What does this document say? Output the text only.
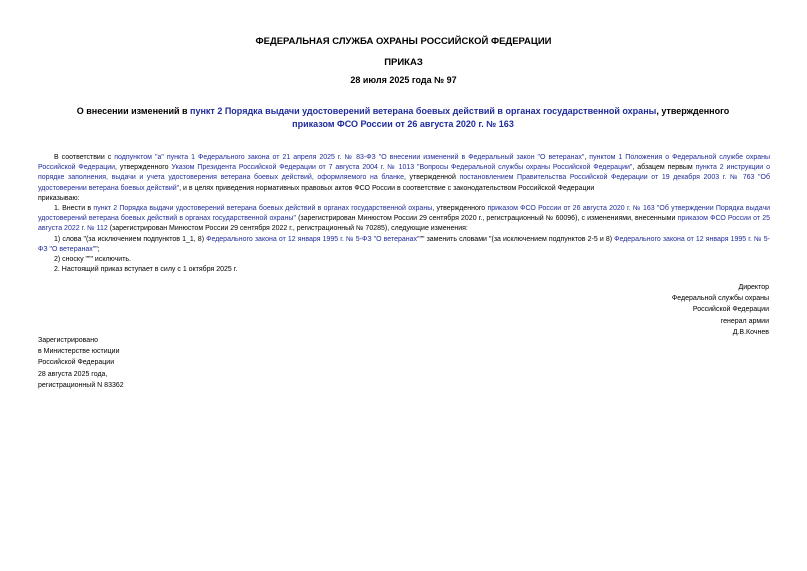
ФЕДЕРАЛЬНАЯ СЛУЖБА ОХРАНЫ РОССИЙСКОЙ ФЕДЕРАЦИИ
ПРИКАЗ
28 июля 2025 года № 97
О внесении изменений в пункт 2 Порядка выдачи удостоверений ветерана боевых действий в органах государственной охраны, утвержденного приказом ФСО России от 26 августа 2020 г. № 163

В соответствии с подпунктом "а" пункта 1 Федерального закона от 21 апреля 2025 г. № 83-ФЗ "О внесении изменений в Федеральный закон "О ветеранах", пунктом 1 Положения о Федеральной службе охраны Российской Федерации, утвержденного Указом Президента Российской Федерации от 7 августа 2004 г. № 1013 "Вопросы Федеральной службы охраны Российской Федерации", абзацем первым пункта 2 инструкции о порядке заполнения, выдачи и учета удостоверения ветерана боевых действий, оформляемого на бланке, утвержденной постановлением Правительства Российской Федерации от 19 декабря 2003 г. № 763 "Об удостоверении ветерана боевых действий", и в целях приведения нормативных правовых актов ФСО России в соответствие с законодательством Российской Федерации

приказываю:

1. Внести в пункт 2 Порядка выдачи удостоверений ветерана боевых действий в органах государственной охраны, утвержденного приказом ФСО России от 26 августа 2020 г. № 163 "Об утверждении Порядка выдачи удостоверений ветерана боевых действий в органах государственной охраны" (зарегистрирован Минюстом России 29 сентября 2020 г., регистрационный № 60096), с изменениями, внесенными приказом ФСО России от 25 августа 2022 г. № 112 (зарегистрирован Минюстом России 29 сентября 2022 г., регистрационный № 70285), следующие изменения:

1) слова "(за исключением подпунктов 1_1, 8) Федерального закона от 12 января 1995 г. № 5-ФЗ "О ветеранах""" заменить словами "(за исключением подпунктов 2-5 и 8) Федерального закона от 12 января 1995 г. № 5-ФЗ "О ветеранах"";

2) сноску """ исключить.

2. Настоящий приказ вступает в силу с 1 октября 2025 г.

Директор
Федеральной службы охраны
Российской Федерации
генерал армии
Д.В.Кочнев
Зарегистрировано
в Министерстве юстиции
Российской Федерации
28 августа 2025 года,
регистрационный N 83362
